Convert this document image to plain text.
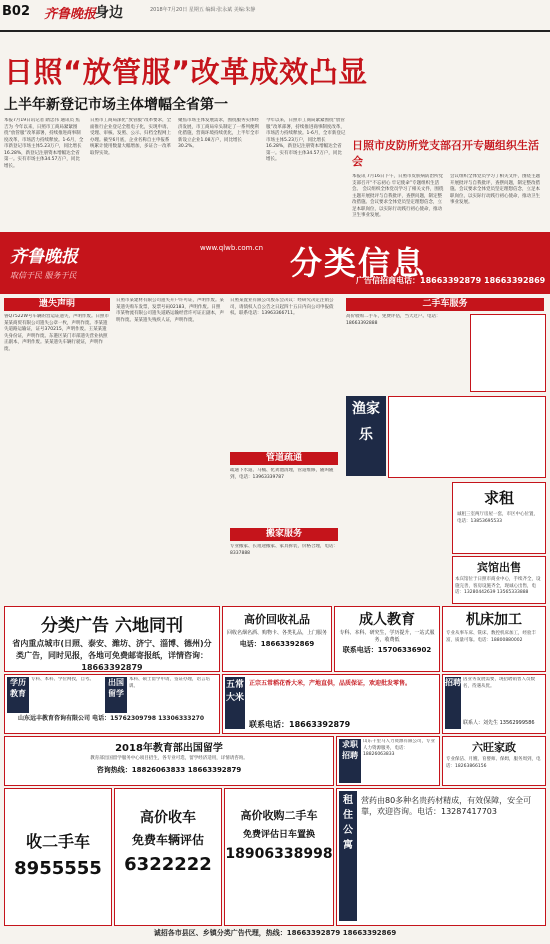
B02 齐鲁晚报
身边	2018年7月20日 星期五 编辑:张永斌 美编:朱静
日照“放管服”改革成效凸显
上半年新登记市场主体增幅全省第一
本报7月19日讯记者 隋忠伟 通讯员 焦吉为 今年以来，日照市工商局紧紧围绕“放管服”改革部署，持续推进商事制度改革，市场活力持续释放。1-6月，全市新登记市场主体5.23万户，同比增长16.28%，新登记注册资本增幅达全省第一。实有市场主体34.57万户，同比增长。
日照市工商局深化“放管服”改革要求，全面推行企业登记全程电子化，实现申请、受理、审核、发照、公示、归档全程网上办理。截至6月底，企业名称自主申报系统累计使用数量大幅增加，多证合一改革取得实效。
聚焦市场主体发展需求，围绕服务实体经济发展，市工商局牵头制定了一系列便利化措施，营商环境持续优化，上半年全市新设立企业1.08万户，同比增长30.2%。
今年以来，日照市工商局紧紧围绕“放管服”改革部署，持续推进商事制度改革，市场活力持续释放。1-6月，全市新登记市场主体5.23万户，同比增长16.28%，新登记注册资本增幅达全省第一。实有市场主体34.57万户，同比增长。
日照市皮防所党支部召开专题组织生活会
本报讯 7月16日下午，日照市皮肤病防治所党支部召开“不忘初心 牢记使命”专题组织生活会。 会议组织全体党员学习了相关文件，围绕主题开展批评与自我批评，查摆问题，制定整改措施。会议要求全体党员坚定理想信念，立足本职岗位，以实际行动践行初心使命，推动卫生事业发展。
会议组织全体党员学习了相关文件，围绕主题开展批评与自我批评，查摆问题，制定整改措施。会议要求全体党员坚定理想信念，立足本职岗位，以实际行动践行初心使命，推动卫生事业发展。
齐鲁晚报
取信于民 服务于民
www.qlwb.com.cn 分类信息
广告信招商电话：18663392879 18663392869
遗失声明
鲁Q7522W号车辆的营运证遗失，声明作废。日照市某某商贸有限公司遗失公章一枚，声明作废。李某遗失道路运输证，证号370215，声明作废。王某某遗失身份证，声明作废。东港区某门市部遗失营业执照正副本，声明作废。某某遗失车辆行驶证，声明作废。
日照市某建材有限公司遗失开户许可证，声明作废。某某遗失购车发票，发票号码02183，声明作废。日照市某物流有限公司遗失道路运输经营许可证正副本，声明作废。某某遗失残疾人证，声明作废。
日照某置业有限公司股东会决议：经研究决定注销公司，请债权人自公告之日起四十五日内向公司申报债权。联系电话：13963366711。
管道疏通
疏通下水道、马桶、化粪池清理，管道维修，随叫随到，电话：13963339787
搬家服务
专业搬家、长短途搬家、家具拆装，价格合理，电话：8337888
二手车服务
高价收购二手车，免费评估，当天过户。电话：18663392888
渔家乐
求租
诚租三室两厅房屋一套，市区中心位置，电话：13853695533
宾馆出售
本宾馆位于日照市商业中心，手续齐全，设施完善，客房设施齐全，现诚心出售，电话：13280442639 13565333888
分类广告 六地同刊
省内重点城市(日照、泰安、潍坊、济宁、淄博、德州)分类广告，同时见报，各地可免费邮寄报纸，详情咨询：18663392879
高价回收礼品
回收名烟名酒、购物卡、各类礼品，上门服务
电话：18663392869
成人教育
专科、本科、研究生，学历提升，一站式服务，收费低
联系电话：15706336902
机床加工
专业从事车床、铣床、数控机床加工，经验丰富，质量可靠。电话：18800880002
学历教育
专科、本科、学位网授，自考。	出国留学
本科、硕士留学申请，签证办理，语言培训。
山东远丰教育咨询有限公司 电话：15762309798 13306333270
五常大米
正宗五常稻花香大米，产地直供，品质保证，欢迎批发零售。
联系电话：18663392879
招聘 因业务发展需要，现招聘销售人员数名，待遇从优。
联系人：刘先生 13562999586
2018年教育部出国留学
教育部出国留学服务中心项目招生，各专业可选，留学经济适用，详情请咨询。
咨询热线：18826063833 18663392879
求职招聘
山东千里马人力资源有限公司，专业人力资源服务，电话：18826063833
六旺家政
专业保洁、月嫂、育婴师、保姆，服务周到，电话：18263866156
收二手车
8955555
高价收车
免费车辆评估
6322222
高价收购二手车
免费评估日车置换
18906338998
租住公寓
营药由80多种名贵药材精成，有效保障，安全可靠，欢迎咨询。电话：13287417703
诚招各市县区、乡镇分类广告代理，热线：18663392879 18663392869
